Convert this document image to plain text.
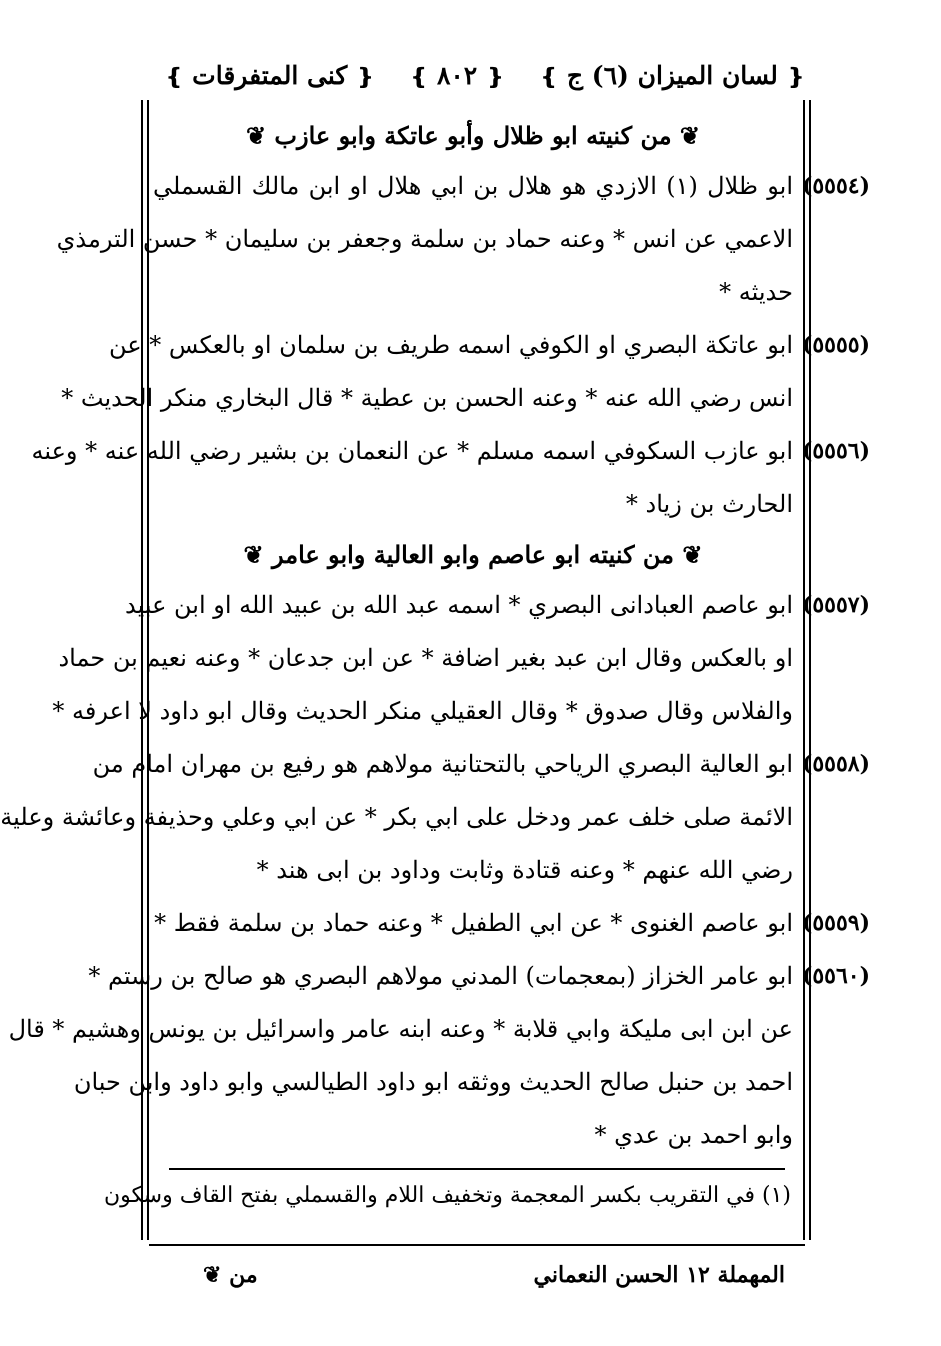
❴ لسان الميزان (٦) ج ❵
❴ ٨٠٢ ❵
❴ كنى المتفرقات ❵
❦ من كنيته ابو ظلال وأبو عاتكة وابو عازب ❦
(٥٥٥٤)
ابو ظلال (١) الازدي هو هلال بن ابي هلال او ابن مالك القسملي
الاعمي عن انس * وعنه حماد بن سلمة وجعفر بن سليمان * حسن الترمذي
حديثه *
(٥٥٥٥)
ابو عاتكة البصري او الكوفي اسمه طريف بن سلمان او بالعكس * عن
انس رضي الله عنه * وعنه الحسن بن عطية * قال البخاري منكر الحديث *
(٥٥٥٦)
ابو عازب السكوفي اسمه مسلم * عن النعمان بن بشير رضي الله عنه * وعنه
الحارث بن زياد *
❦ من كنيته ابو عاصم وابو العالية وابو عامر ❦
(٥٥٥٧)
ابو عاصم العبادانى البصري * اسمه عبد الله بن عبيد الله او ابن عبيد
او بالعكس وقال ابن عبد بغير اضافة * عن ابن جدعان * وعنه نعيم بن حماد
والفلاس وقال صدوق * وقال العقيلي منكر الحديث وقال ابو داود لا اعرفه *
(٥٥٥٨)
ابو العالية البصري الرياحي بالتحتانية مولاهم هو رفيع بن مهران امام من
الائمة صلى خلف عمر ودخل على ابي بكر * عن ابي وعلي وحذيفة وعائشة وعلية
رضي الله عنهم * وعنه قتادة وثابت وداود بن ابى هند *
(٥٥٥٩)
ابو عاصم الغنوى * عن ابي الطفيل * وعنه حماد بن سلمة فقط *
(٥٥٦٠)
ابو عامر الخزاز (بمعجمات) المدني مولاهم البصري هو صالح بن رستم *
عن ابن ابى مليكة وابي قلابة * وعنه ابنه عامر واسرائيل بن يونس وهشيم * قال
احمد بن حنبل صالح الحديث ووثقه ابو داود الطيالسي وابو داود وابن حبان
وابو احمد بن عدي *
(١) في التقريب بكسر المعجمة وتخفيف اللام والقسملي بفتح القاف وسكون
المهملة ١٢ الحسن النعماني
من ❦
